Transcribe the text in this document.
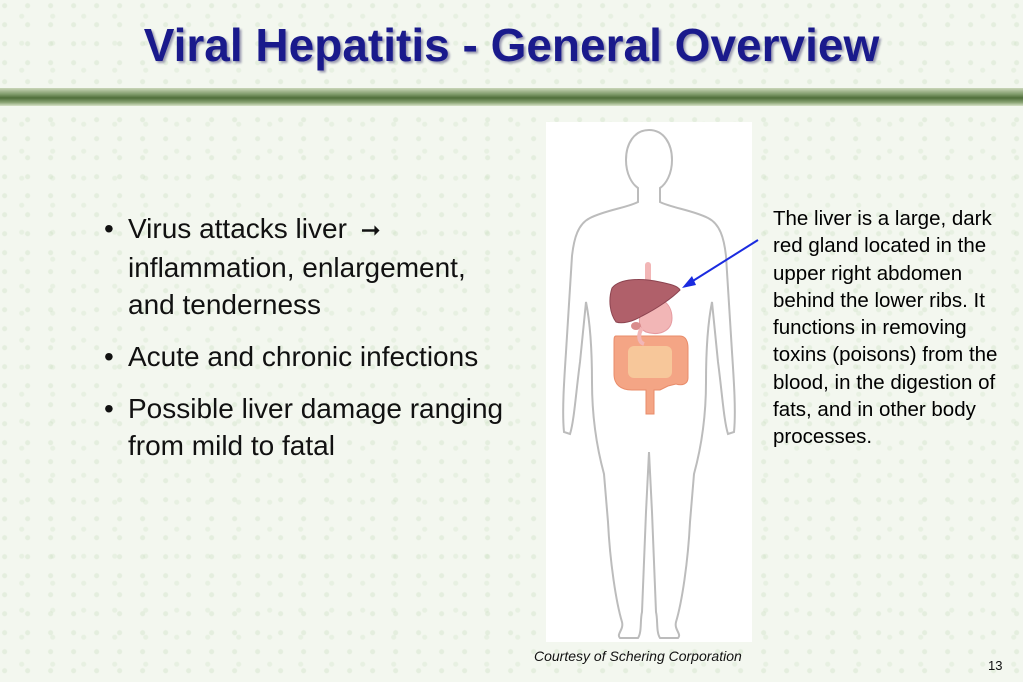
Viral Hepatitis - General Overview
• Virus attacks liver ➞ inflammation, enlargement, and tenderness
• Acute and chronic infections
• Possible liver damage ranging from mild to fatal
The liver is a large, dark red gland located in the upper right abdomen behind the lower ribs. It functions in removing toxins (poisons) from the blood, in the digestion of fats, and in other body processes.
Courtesy of Schering Corporation
13
